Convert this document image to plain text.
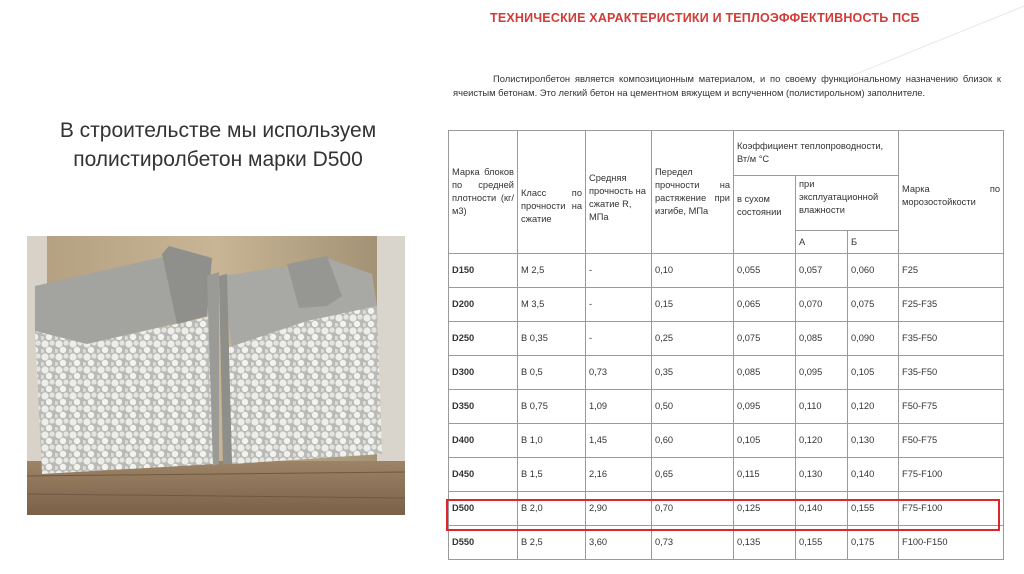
В строительстве мы используем
полистиролбетон марки D500
ТЕХНИЧЕСКИЕ ХАРАКТЕРИСТИКИ И ТЕПЛОЭФФЕКТИВНОСТЬ ПСБ
Полистиролбетон является композиционным материалом, и по своему функциональному назначению близок к ячеистым бетонам. Это легкий бетон на цементном вяжущем и вспученном (полистирольном) заполнителе.
Марка блоков по средней плотности (кг/м3)	Класс по прочности на сжатие	Средняя прочность на сжатие R, МПа	Передел прочности на растяжение при изгибе, МПа	Коэффициент теплопроводности, Вт/м °С			Марка по морозостойкости

				в сухом состоянии	при эксплуатационной влажности		
					А	Б	
D150	М 2,5	-	0,10	0,055	0,057	0,060	F25
D200	М 3,5	-	0,15	0,065	0,070	0,075	F25-F35
D250	В 0,35	-	0,25	0,075	0,085	0,090	F35-F50
D300	В 0,5	0,73	0,35	0,085	0,095	0,105	F35-F50
D350	В 0,75	1,09	0,50	0,095	0,110	0,120	F50-F75
D400	В 1,0	1,45	0,60	0,105	0,120	0,130	F50-F75
D450	В 1,5	2,16	0,65	0,115	0,130	0,140	F75-F100
D500	В 2,0	2,90	0,70	0,125	0,140	0,155	F75-F100
D550	В 2,5	3,60	0,73	0,135	0,155	0,175	F100-F150
